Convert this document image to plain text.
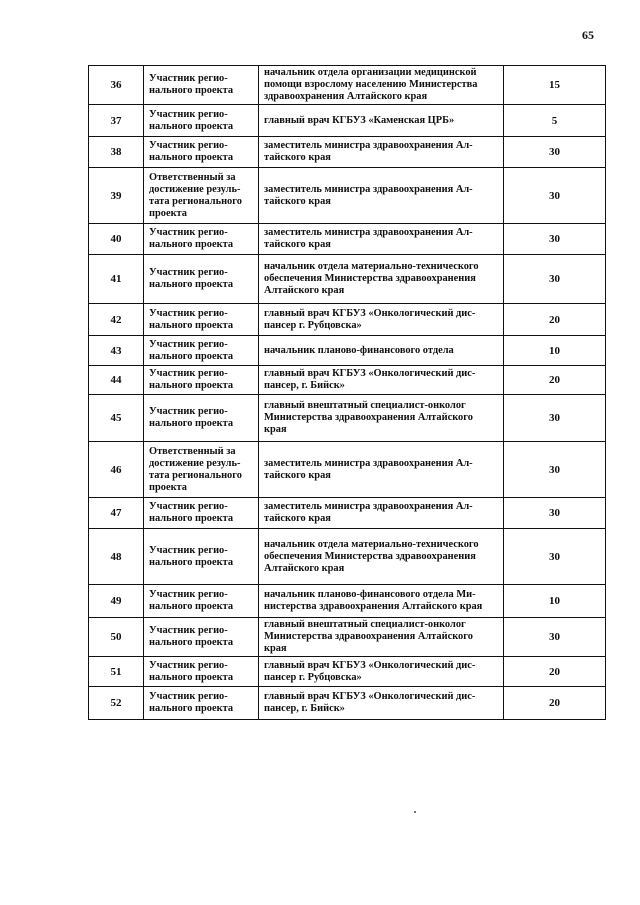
65
36	Участник регио-нального проекта	начальник отдела организации медицинской помощи взрослому населению Министерства здравоохранения Алтайского края	15
37	Участник регио-нального проекта	главный врач КГБУЗ «Каменская ЦРБ»	5
38	Участник регио-нального проекта	заместитель министра здравоохранения Ал-тайского края	30
39	Ответственный за достижение резуль-тата регионального проекта	заместитель министра здравоохранения Ал-тайского края	30
40	Участник регио-нального проекта	заместитель министра здравоохранения Ал-тайского края	30
41	Участник регио-нального проекта	начальник отдела материально-технического обеспечения Министерства здравоохранения Алтайского края	30
42	Участник регио-нального проекта	главный врач КГБУЗ «Онкологический дис-пансер г. Рубцовска»	20
43	Участник регио-нального проекта	начальник планово-финансового отдела	10
44	Участник регио-нального проекта	главный врач КГБУЗ «Онкологический дис-пансер, г. Бийск»	20
45	Участник регио-нального проекта	главный внештатный специалист-онколог Министерства здравоохранения Алтайского края	30
46	Ответственный за достижение резуль-тата регионального проекта	заместитель министра здравоохранения Ал-тайского края	30
47	Участник регио-нального проекта	заместитель министра здравоохранения Ал-тайского края	30
48	Участник регио-нального проекта	начальник отдела материально-технического обеспечения Министерства здравоохранения Алтайского края	30
49	Участник регио-нального проекта	начальник планово-финансового отдела Ми-нистерства здравоохранения Алтайского края	10
50	Участник регио-нального проекта	главный внештатный специалист-онколог Министерства здравоохранения Алтайского края	30
51	Участник регио-нального проекта	главный врач КГБУЗ «Онкологический дис-пансер г. Рубцовска»	20
52	Участник регио-нального проекта	главный врач КГБУЗ «Онкологический дис-пансер, г. Бийск»	20
